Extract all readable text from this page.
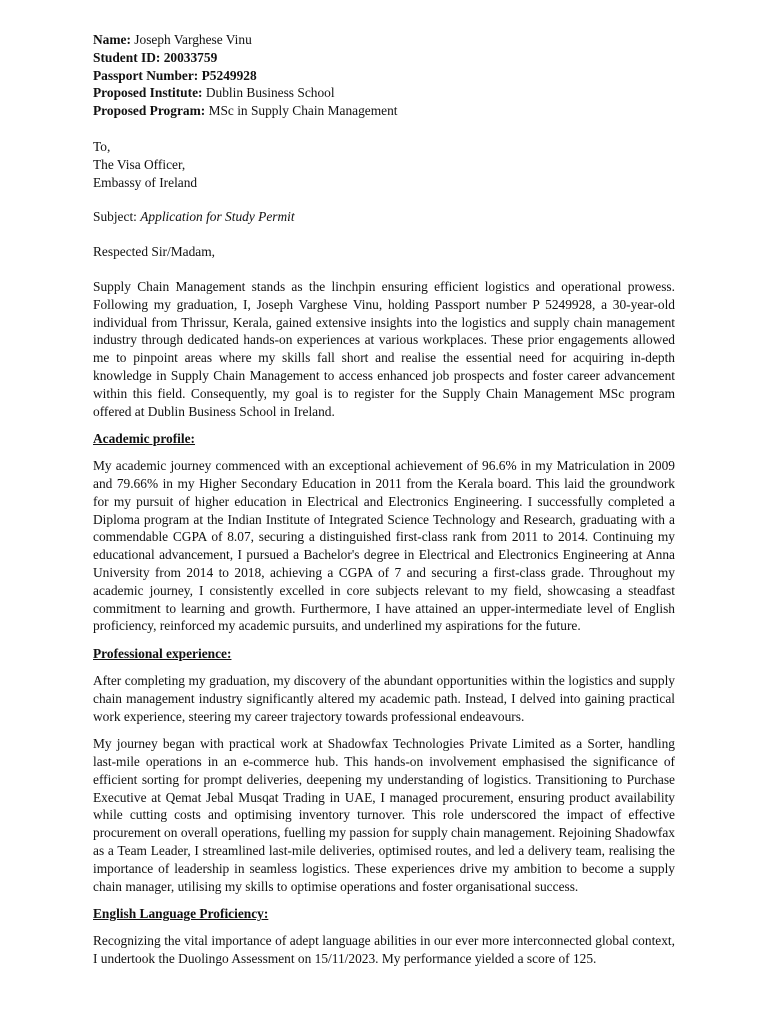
Name: Joseph Varghese Vinu

Student ID: 20033759

Passport Number: P5249928

Proposed Institute: Dublin Business School

Proposed Program: MSc in Supply Chain Management

To,

The Visa Officer,

Embassy of Ireland

Subject: Application for Study Permit
Respected Sir/Madam,

Supply Chain Management stands as the linchpin ensuring efficient logistics and operational prowess. Following my graduation, I, Joseph Varghese Vinu, holding Passport number P 5249928, a 30-year-old individual from Thrissur, Kerala, gained extensive insights into the logistics and supply chain management industry through dedicated hands-on experiences at various workplaces. These prior engagements allowed me to pinpoint areas where my skills fall short and realise the essential need for acquiring in-depth knowledge in Supply Chain Management to access enhanced job prospects and foster career advancement within this field. Consequently, my goal is to register for the Supply Chain Management MSc program offered at Dublin Business School in Ireland.

Academic profile:

My academic journey commenced with an exceptional achievement of 96.6% in my Matriculation in 2009 and 79.66% in my Higher Secondary Education in 2011 from the Kerala board. This laid the groundwork for my pursuit of higher education in Electrical and Electronics Engineering. I successfully completed a Diploma program at the Indian Institute of Integrated Science Technology and Research, graduating with a commendable CGPA of 8.07, securing a distinguished first-class rank from 2011 to 2014. Continuing my educational advancement, I pursued a Bachelor's degree in Electrical and Electronics Engineering at Anna University from 2014 to 2018, achieving a CGPA of 7 and securing a first-class grade. Throughout my academic journey, I consistently excelled in core subjects relevant to my field, showcasing a steadfast commitment to learning and growth. Furthermore, I have attained an upper-intermediate level of English proficiency, reinforced my academic pursuits, and underlined my aspirations for the future.

Professional experience:

After completing my graduation, my discovery of the abundant opportunities within the logistics and supply chain management industry significantly altered my academic path. Instead, I delved into gaining practical work experience, steering my career trajectory towards professional endeavours.

My journey began with practical work at Shadowfax Technologies Private Limited as a Sorter, handling last-mile operations in an e-commerce hub. This hands-on involvement emphasised the significance of efficient sorting for prompt deliveries, deepening my understanding of logistics. Transitioning to Purchase Executive at Qemat Jebal Musqat Trading in UAE, I managed procurement, ensuring product availability while cutting costs and optimising inventory turnover. This role underscored the impact of effective procurement on overall operations, fuelling my passion for supply chain management. Rejoining Shadowfax as a Team Leader, I streamlined last-mile deliveries, optimised routes, and led a delivery team, realising the importance of leadership in seamless logistics. These experiences drive my ambition to become a supply chain manager, utilising my skills to optimise operations and foster organisational success.

English Language Proficiency:

Recognizing the vital importance of adept language abilities in our ever more interconnected global context, I undertook the Duolingo Assessment on 15/11/2023. My performance yielded a score of 125.
